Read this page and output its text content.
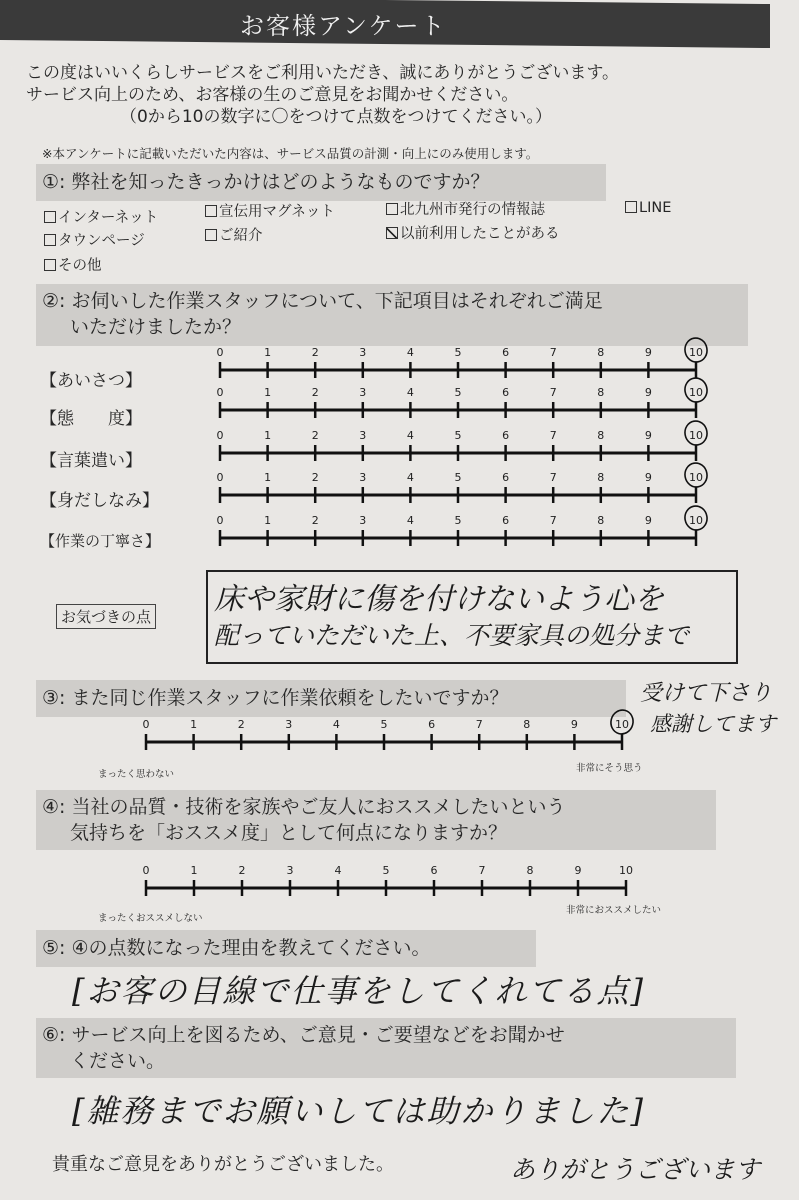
お客様アンケート
この度はいいくらしサービスをご利用いただき、誠にありがとうございます。
サービス向上のため、お客様の生のご意見をお聞かせください。
（0から10の数字に〇をつけて点数をつけてください。）
※本アンケートに記載いただいた内容は、サービス品質の計測・向上にのみ使用します。
①: 弊社を知ったきっかけはどのようなものですか？
インターネット	宣伝用マグネット	北九州市発行の情報誌	LINE
タウンページ	ご紹介	以前利用したことがある
その他
②: お伺いした作業スタッフについて、下記項目はそれぞれご満足
いただけましたか？
【あいさつ】
【態　　度】
【言葉遣い】
【身だしなみ】
【作業の丁寧さ】
お気づきの点 床や家財に傷を付けないよう心を
配っていただいた上、不要家具の処分まで
③: また同じ作業スタッフに作業依頼をしたいですか？	受けて下さり
感謝してます
まったく思わない
非常にそう思う
④: 当社の品質・技術を家族やご友人におススメしたいという
気持ちを「おススメ度」として何点になりますか？
まったくおススメしない
非常におススメしたい
⑤: ④の点数になった理由を教えてください。
[お客の目線で仕事をしてくれてる点]
⑥: サービス向上を図るため、ご意見・ご要望などをお聞かせ
ください。
[雑務までお願いしては助かりました]
貴重なご意見をありがとうございました。	ありがとうございます
0	1	2	3	4	5	6	7	8	9	10
0	1	2	3	4	5	6	7	8	9	10
0	1	2	3	4	5	6	7	8	9	10
0	1	2	3	4	5	6	7	8	9	10
0	1	2	3	4	5	6	7	8	9	10
0	1	2	3	4	5	6	7	8	9	10
0	1	2	3	4	5	6	7	8	9	10
